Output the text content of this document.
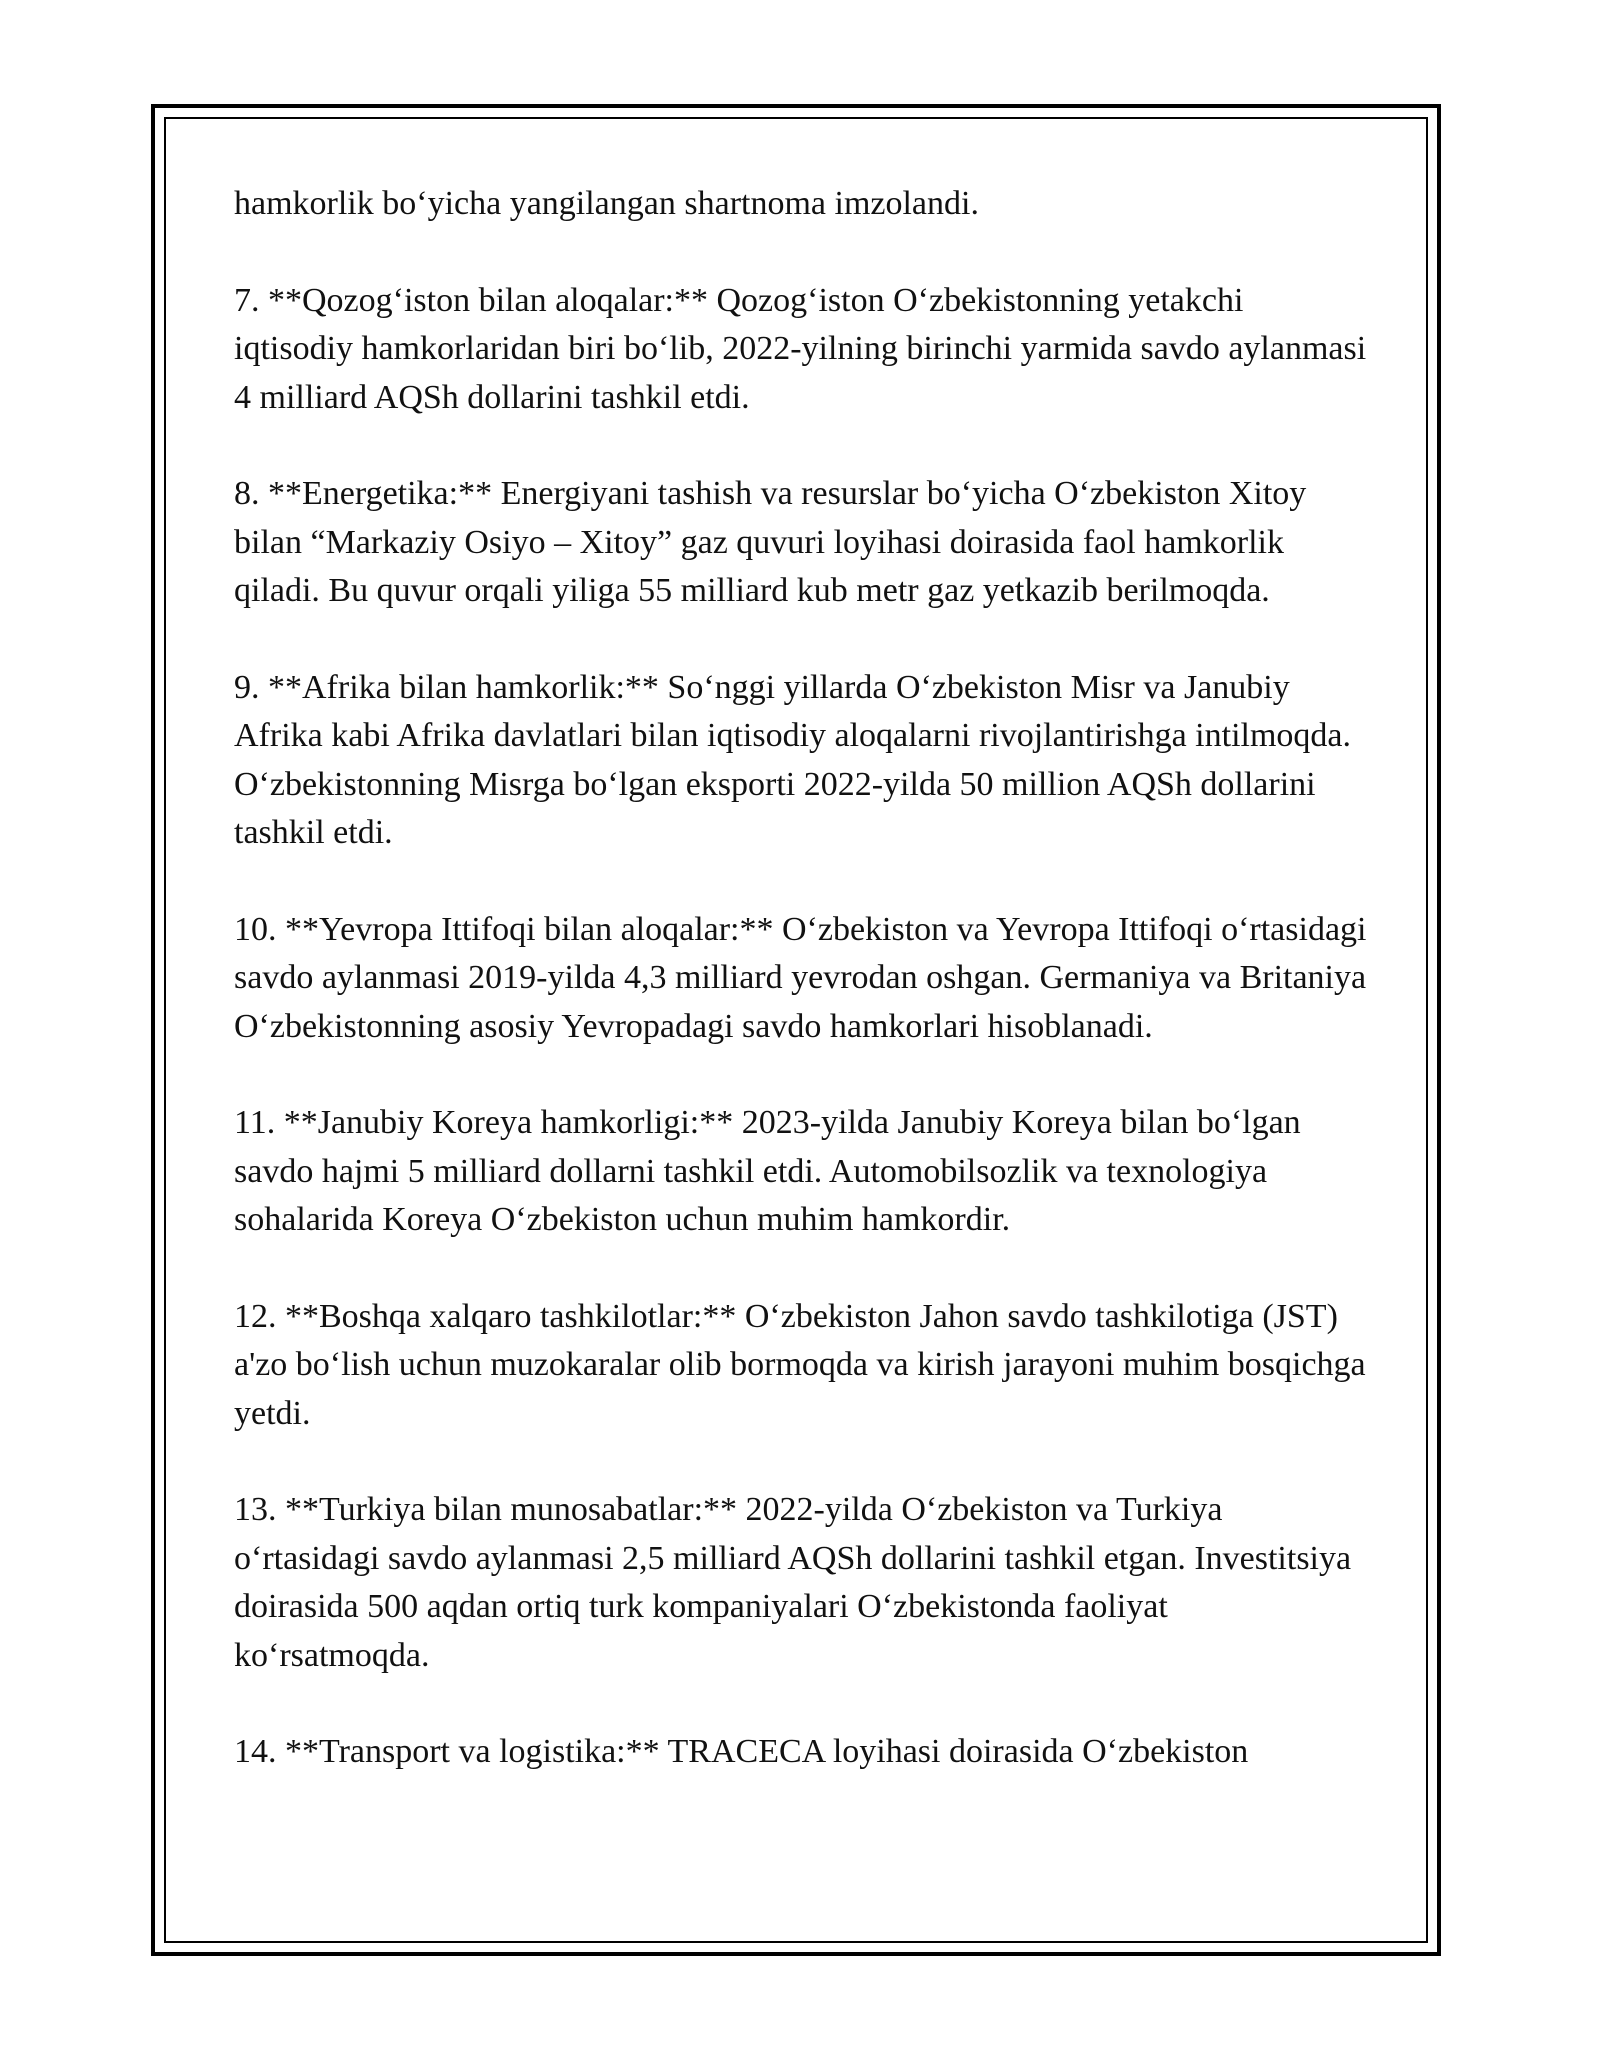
hamkorlik bo‘yicha yangilangan shartnoma imzolandi.

7. **Qozog‘iston bilan aloqalar:** Qozog‘iston O‘zbekistonning yetakchi iqtisodiy hamkorlaridan biri bo‘lib, 2022-yilning birinchi yarmida savdo aylanmasi 4 milliard AQSh dollarini tashkil etdi.

8. **Energetika:** Energiyani tashish va resurslar bo‘yicha O‘zbekiston Xitoy bilan “Markaziy Osiyo – Xitoy” gaz quvuri loyihasi doirasida faol hamkorlik qiladi. Bu quvur orqali yiliga 55 milliard kub metr gaz yetkazib berilmoqda.

9. **Afrika bilan hamkorlik:** So‘nggi yillarda O‘zbekiston Misr va Janubiy Afrika kabi Afrika davlatlari bilan iqtisodiy aloqalarni rivojlantirishga intilmoqda. O‘zbekistonning Misrga bo‘lgan eksporti 2022-yilda 50 million AQSh dollarini tashkil etdi.

10. **Yevropa Ittifoqi bilan aloqalar:** O‘zbekiston va Yevropa Ittifoqi o‘rtasidagi savdo aylanmasi 2019-yilda 4,3 milliard yevrodan oshgan. Germaniya va Britaniya O‘zbekistonning asosiy Yevropadagi savdo hamkorlari hisoblanadi.

11. **Janubiy Koreya hamkorligi:** 2023-yilda Janubiy Koreya bilan bo‘lgan savdo hajmi 5 milliard dollarni tashkil etdi. Automobilsozlik va texnologiya sohalarida Koreya O‘zbekiston uchun muhim hamkordir.

12. **Boshqa xalqaro tashkilotlar:** O‘zbekiston Jahon savdo tashkilotiga (JST) a'zo bo‘lish uchun muzokaralar olib bormoqda va kirish jarayoni muhim bosqichga yetdi.

13. **Turkiya bilan munosabatlar:** 2022-yilda O‘zbekiston va Turkiya o‘rtasidagi savdo aylanmasi 2,5 milliard AQSh dollarini tashkil etgan. Investitsiya doirasida 500 aqdan ortiq turk kompaniyalari O‘zbekistonda faoliyat ko‘rsatmoqda.

14. **Transport va logistika:** TRACECA loyihasi doirasida O‘zbekiston
